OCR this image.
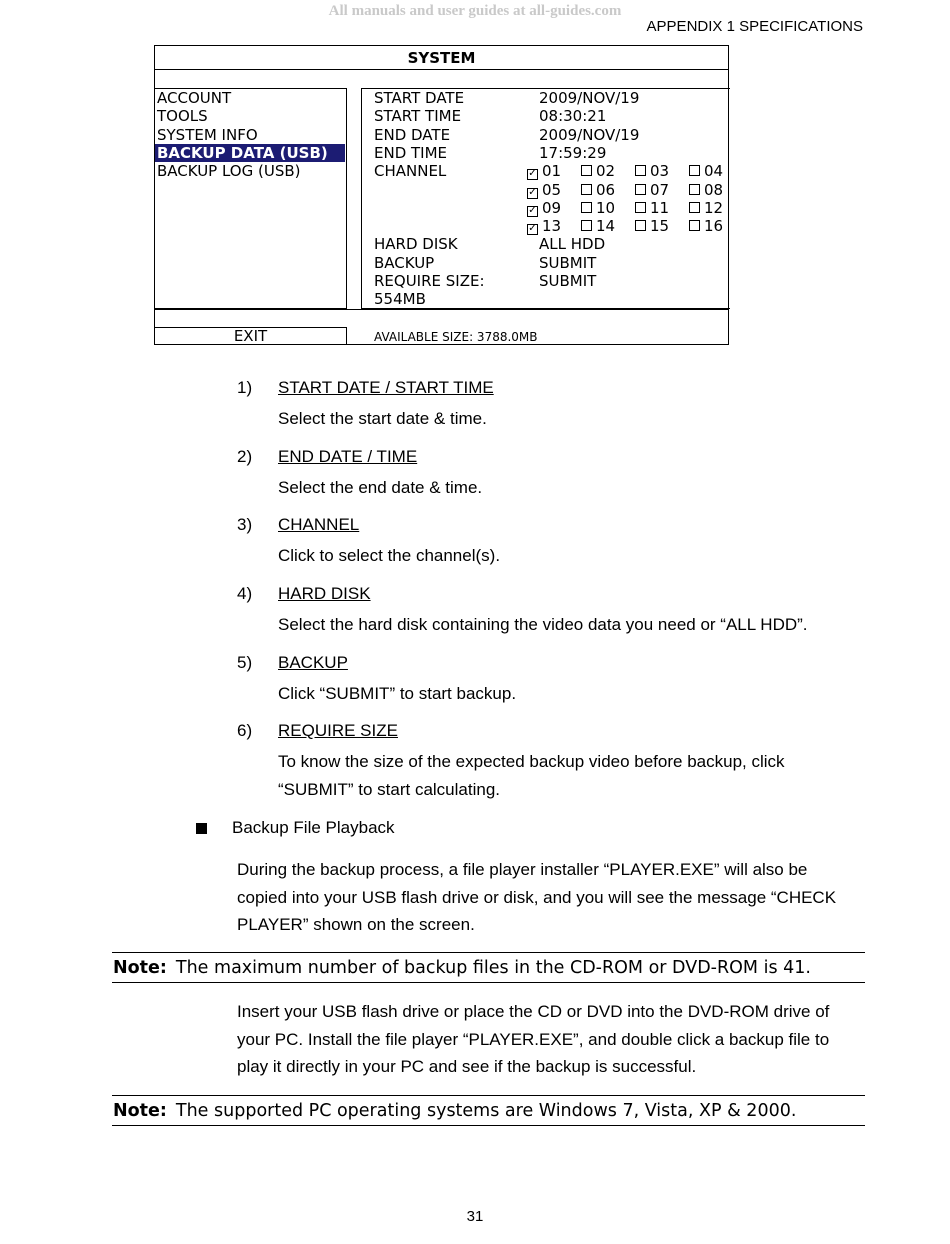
All manuals and user guides at all-guides.com
APPENDIX 1 SPECIFICATIONS
SYSTEM
ACCOUNT
TOOLS
SYSTEM INFO
BACKUP DATA (USB)
BACKUP LOG (USB)
START DATE	2009/NOV/19
START TIME	08:30:21
END DATE	2009/NOV/19
END TIME	17:59:29
CHANNEL	✓ 01	02	03	04
✓ 05	06	07	08
✓ 09	10	11	12
✓ 13	14	15	16
HARD DISK	ALL HDD
BACKUP	SUBMIT
REQUIRE SIZE:	SUBMIT
554MB
EXIT	AVAILABLE SIZE: 3788.0MB
1) START DATE / START TIME
Select the start date & time.
2) END DATE / TIME
Select the end date & time.
3) CHANNEL
Click to select the channel(s).
4) HARD DISK
Select the hard disk containing the video data you need or “ALL HDD”.
5) BACKUP
Click “SUBMIT” to start backup.
6) REQUIRE SIZE
To know the size of the expected backup video before backup, click “SUBMIT” to start calculating.
Backup File Playback
During the backup process, a file player installer “PLAYER.EXE” will also be copied into your USB flash drive or disk, and you will see the message “CHECK PLAYER” shown on the screen.
Note: The maximum number of backup files in the CD-ROM or DVD-ROM is 41.
Insert your USB flash drive or place the CD or DVD into the DVD-ROM drive of your PC. Install the file player “PLAYER.EXE”, and double click a backup file to play it directly in your PC and see if the backup is successful.
Note: The supported PC operating systems are Windows 7, Vista, XP & 2000.
31
